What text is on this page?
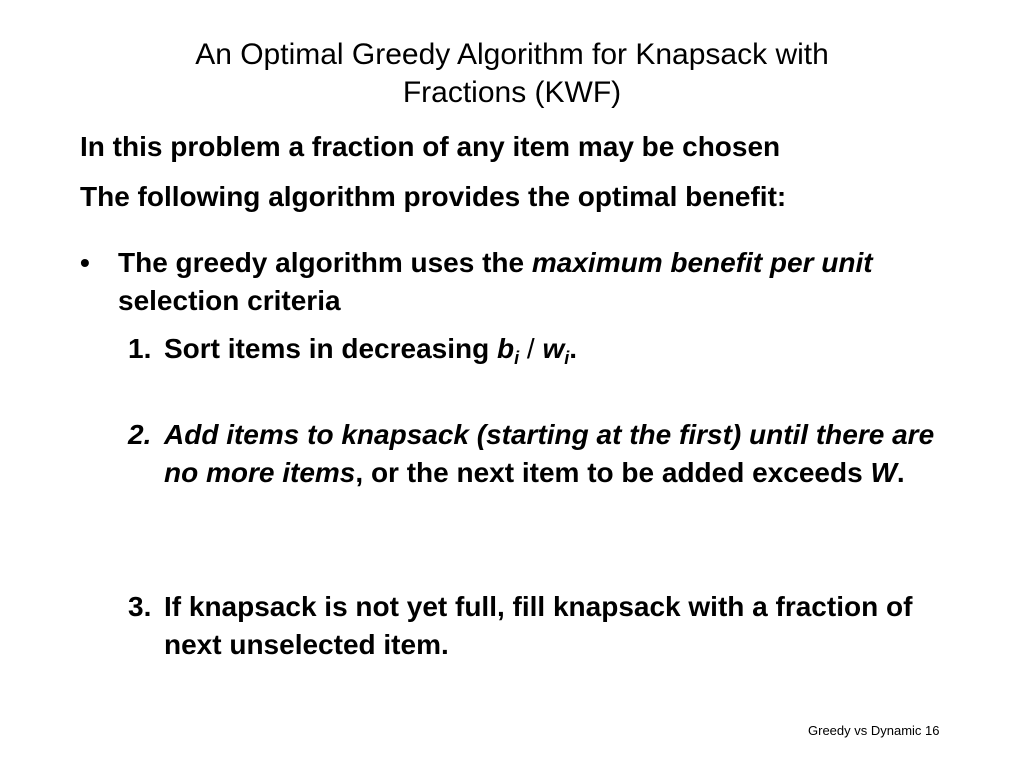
An Optimal Greedy Algorithm for Knapsack with
Fractions (KWF)
In this problem a fraction of any item may be chosen
The following algorithm provides the optimal benefit:
• The greedy algorithm uses the maximum benefit per unit selection criteria
1. Sort items in decreasing $b_i / w_i$.
2. Add items to knapsack (starting at the first) until there are no more items, or the next item to be added exceeds W.
3. If knapsack is not yet full, fill knapsack with a fraction of next unselected item.
Greedy vs Dynamic 16
